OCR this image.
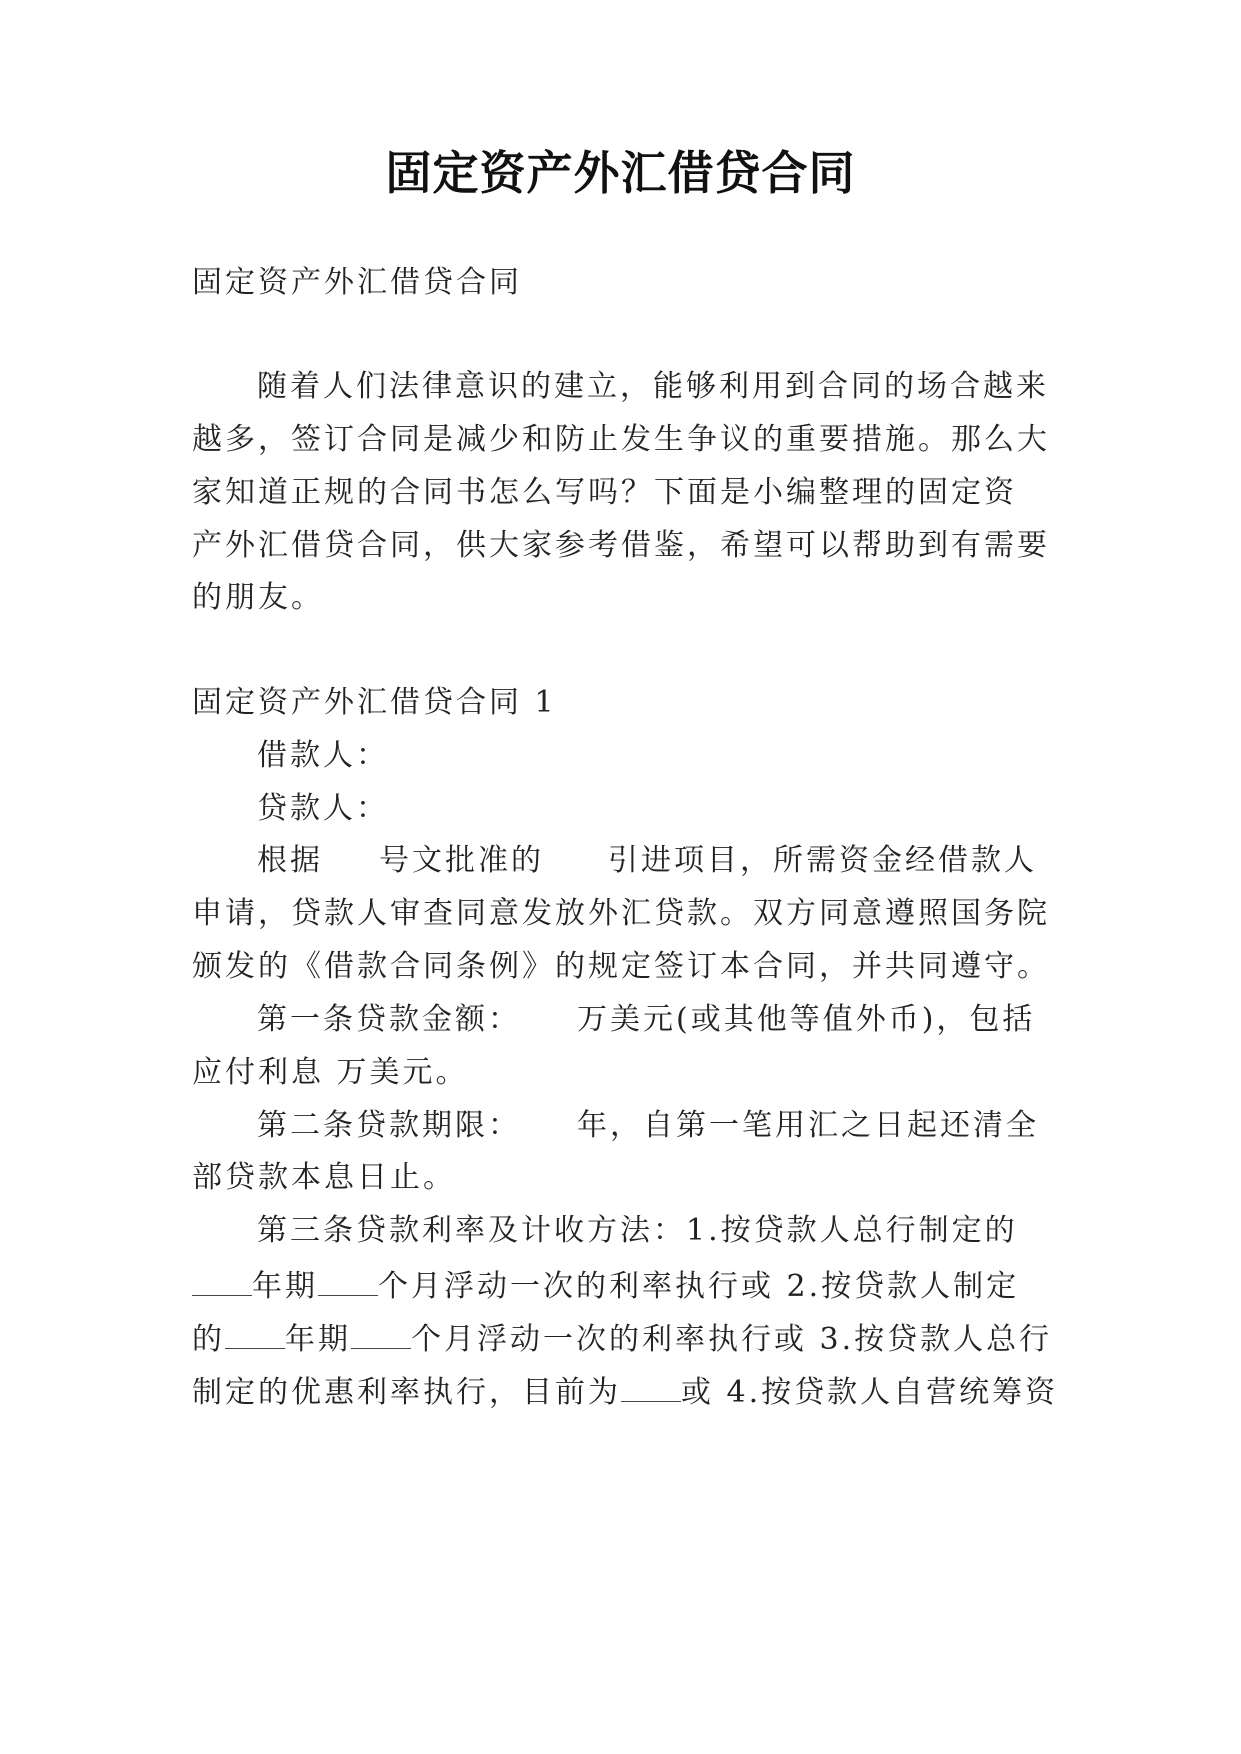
固定资产外汇借贷合同
固定资产外汇借贷合同
随着人们法律意识的建立，能够利用到合同的场合越来
越多，签订合同是减少和防止发生争议的重要措施。那么大
家知道正规的合同书怎么写吗？下面是小编整理的固定资
产外汇借贷合同，供大家参考借鉴，希望可以帮助到有需要
的朋友。
固定资产外汇借贷合同 1
借款人：
贷款人：
根据 号文批准的 引进项目，所需资金经借款人
申请，贷款人审查同意发放外汇贷款。双方同意遵照国务院
颁发的《借款合同条例》的规定签订本合同，并共同遵守。
第一条贷款金额： 万美元(或其他等值外币)，包括
应付利息 万美元。
第二条贷款期限： 年，自第一笔用汇之日起还清全
部贷款本息日止。
第三条贷款利率及计收方法：1.按贷款人总行制定的
年期 个月浮动一次的利率执行或 2.按贷款人制定
的 年期 个月浮动一次的利率执行或 3.按贷款人总行
制定的优惠利率执行，目前为 或 4.按贷款人自营统筹资
